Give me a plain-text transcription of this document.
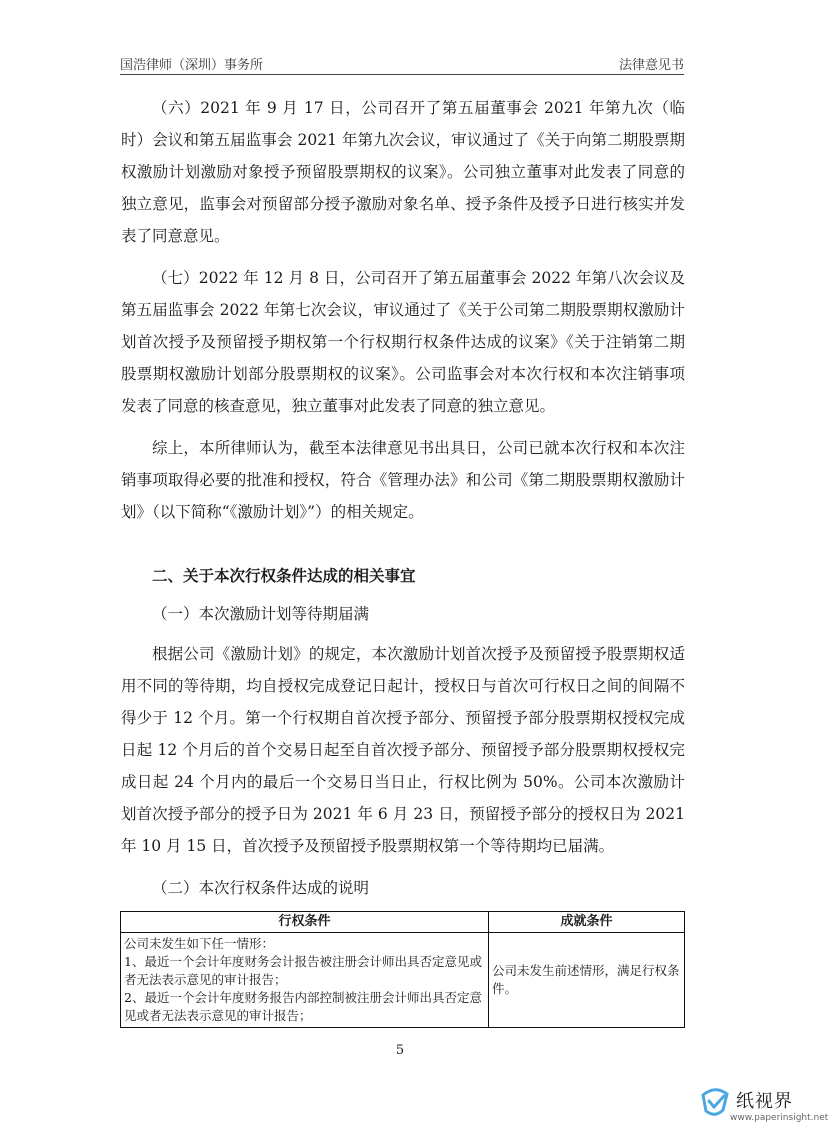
国浩律师（深圳）事务所	法律意见书

（六）2021 年 9 月 17 日，公司召开了第五届董事会 2021 年第九次（临时）会议和第五届监事会 2021 年第九次会议，审议通过了《关于向第二期股票期权激励计划激励对象授予预留股票期权的议案》。公司独立董事对此发表了同意的独立意见，监事会对预留部分授予激励对象名单、授予条件及授予日进行核实并发表了同意意见。

（七）2022 年 12 月 8 日，公司召开了第五届董事会 2022 年第八次会议及第五届监事会 2022 年第七次会议，审议通过了《关于公司第二期股票期权激励计划首次授予及预留授予期权第一个行权期行权条件达成的议案》《关于注销第二期股票期权激励计划部分股票期权的议案》。公司监事会对本次行权和本次注销事项发表了同意的核查意见，独立董事对此发表了同意的独立意见。

综上，本所律师认为，截至本法律意见书出具日，公司已就本次行权和本次注销事项取得必要的批准和授权，符合《管理办法》和公司《第二期股票期权激励计划》（以下简称“《激励计划》”）的相关规定。

二、关于本次行权条件达成的相关事宜

（一）本次激励计划等待期届满

根据公司《激励计划》的规定，本次激励计划首次授予及预留授予股票期权适用不同的等待期，均自授权完成登记日起计，授权日与首次可行权日之间的间隔不得少于 12 个月。第一个行权期自首次授予部分、预留授予部分股票期权授权完成日起 12 个月后的首个交易日起至自首次授予部分、预留授予部分股票期权授权完成日起 24 个月内的最后一个交易日当日止，行权比例为 50%。公司本次激励计划首次授予部分的授予日为 2021 年 6 月 23 日，预留授予部分的授权日为 2021 年 10 月 15 日，首次授予及预留授予股票期权第一个等待期均已届满。

（二）本次行权条件达成的说明

行权条件	成就条件

公司未发生如下任一情形：
1、最近一个会计年度财务会计报告被注册会计师出具否定意见或者无法表示意见的审计报告；
2、最近一个会计年度财务报告内部控制被注册会计师出具否定意见或者无法表示意见的审计报告；	公司未发生前述情形，满足行权条件。
5
纸视界
www.paperinsight.net
